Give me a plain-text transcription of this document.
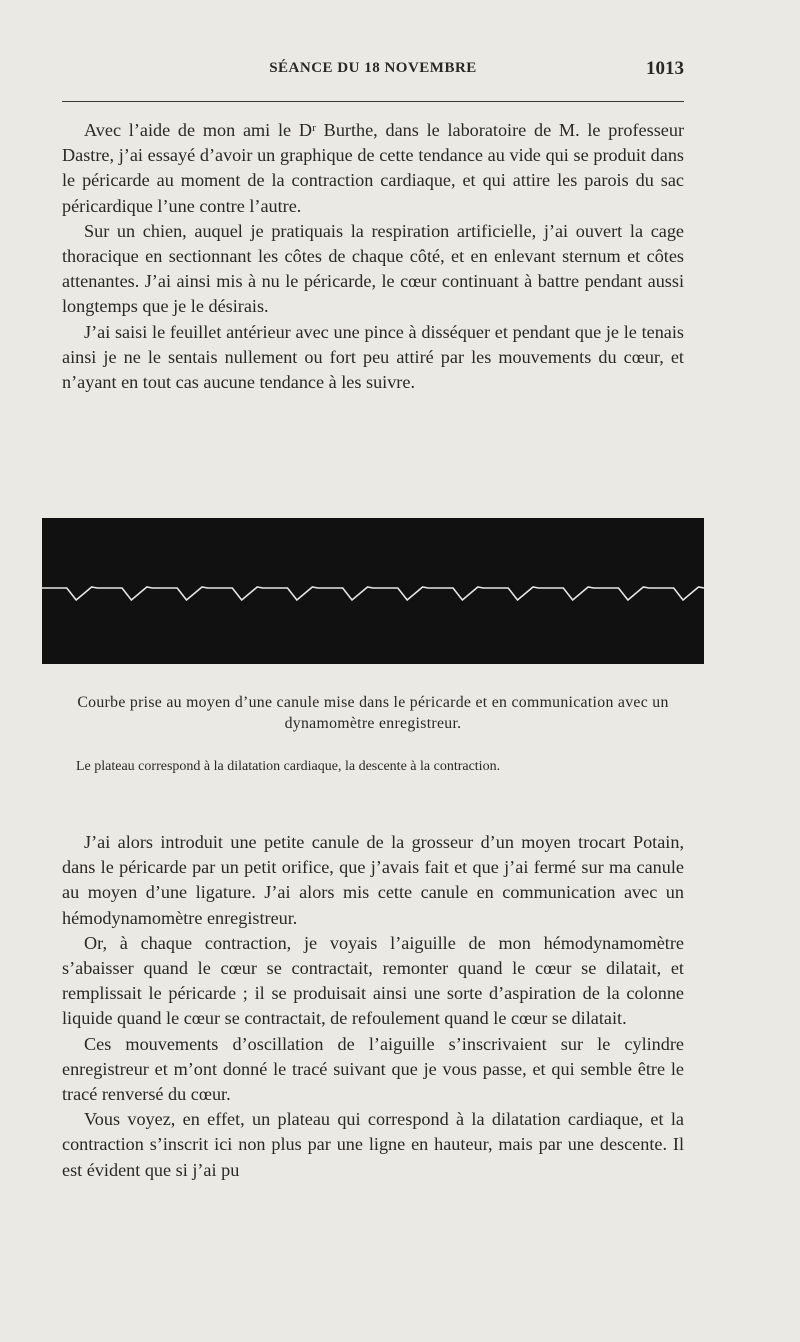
SÉANCE DU 18 NOVEMBRE	1013

Avec l’aide de mon ami le Dʳ Burthe, dans le laboratoire de M. le professeur Dastre, j’ai essayé d’avoir un graphique de cette tendance au vide qui se produit dans le péricarde au moment de la contraction cardiaque, et qui attire les parois du sac péricardique l’une contre l’autre.

Sur un chien, auquel je pratiquais la respiration artificielle, j’ai ouvert la cage thoracique en sectionnant les côtes de chaque côté, et en enlevant sternum et côtes attenantes. J’ai ainsi mis à nu le péricarde, le cœur continuant à battre pendant aussi longtemps que je le désirais.

J’ai saisi le feuillet antérieur avec une pince à disséquer et pendant que je le tenais ainsi je ne le sentais nullement ou fort peu attiré par les mouvements du cœur, et n’ayant en tout cas aucune tendance à les suivre.

Courbe prise au moyen d’une canule mise dans le péricarde et en communication avec un dynamomètre enregistreur.
Le plateau correspond à la dilatation cardiaque, la descente à la contraction.

J’ai alors introduit une petite canule de la grosseur d’un moyen trocart Potain, dans le péricarde par un petit orifice, que j’avais fait et que j’ai fermé sur ma canule au moyen d’une ligature. J’ai alors mis cette canule en communication avec un hémodynamomètre enregistreur.

Or, à chaque contraction, je voyais l’aiguille de mon hémodynamomètre s’abaisser quand le cœur se contractait, remonter quand le cœur se dilatait, et remplissait le péricarde ; il se produisait ainsi une sorte d’aspiration de la colonne liquide quand le cœur se contractait, de refoulement quand le cœur se dilatait.

Ces mouvements d’oscillation de l’aiguille s’inscrivaient sur le cylindre enregistreur et m’ont donné le tracé suivant que je vous passe, et qui semble être le tracé renversé du cœur.

Vous voyez, en effet, un plateau qui correspond à la dilatation cardiaque, et la contraction s’inscrit ici non plus par une ligne en hauteur, mais par une descente. Il est évident que si j’ai pu
